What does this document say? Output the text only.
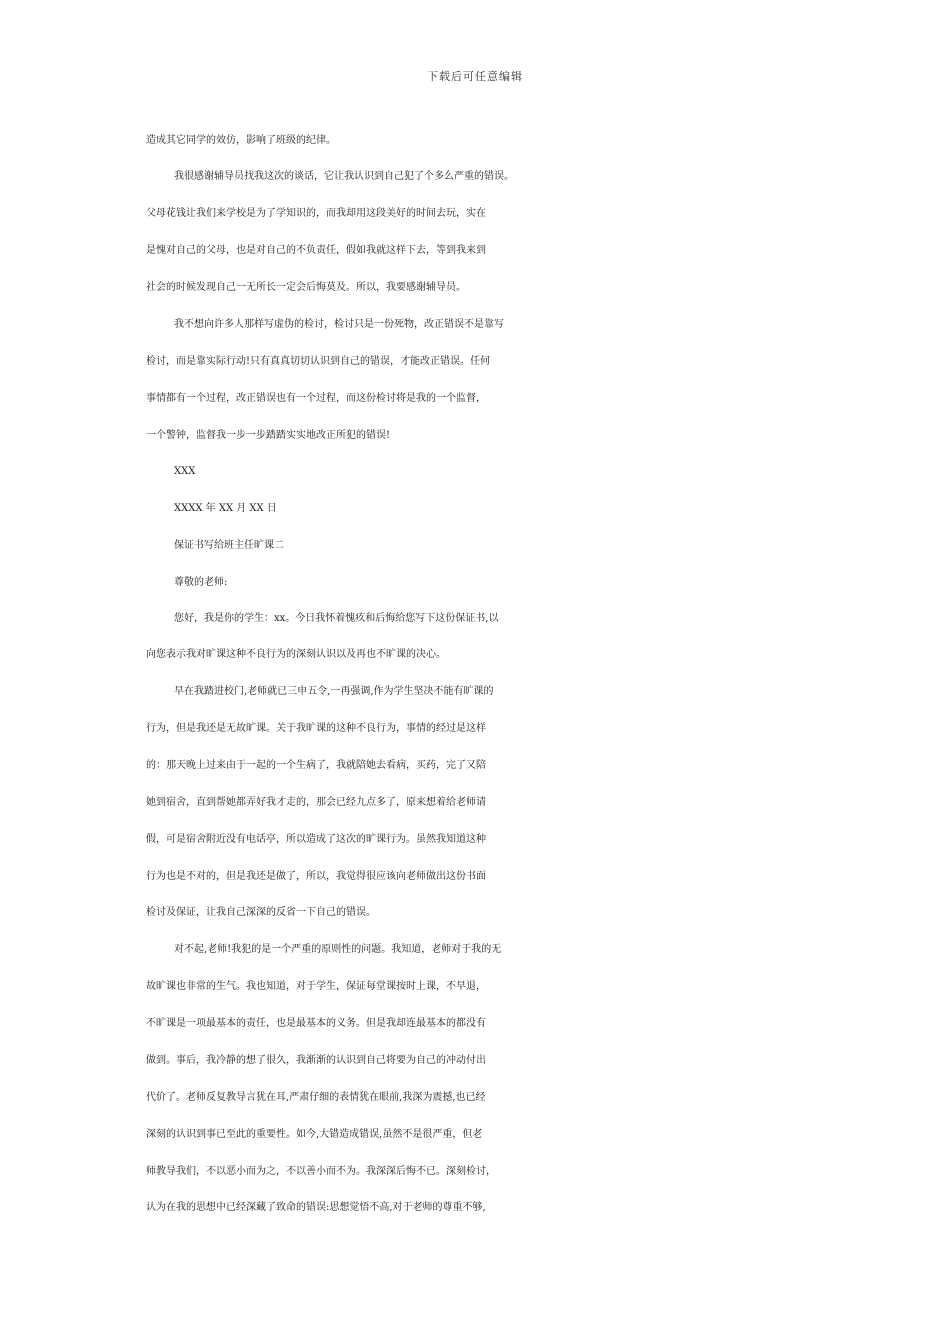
下载后可任意编辑
造成其它同学的效仿，影响了班级的纪律。
我很感谢辅导员找我这次的谈话，它让我认识到自己犯了个多么严重的错误。
父母花钱让我们来学校是为了学知识的，而我却用这段美好的时间去玩，实在
是愧对自己的父母，也是对自己的不负责任，假如我就这样下去，等到我来到
社会的时候发现自己一无所长一定会后悔莫及。所以，我要感谢辅导员。
我不想向许多人那样写虚伪的检讨，检讨只是一份死物，改正错误不是靠写
检讨，而是靠实际行动!只有真真切切认识到自己的错误，才能改正错误。任何
事情都有一个过程，改正错误也有一个过程，而这份检讨将是我的一个监督，
一个警钟，监督我一步一步踏踏实实地改正所犯的错误!
XXX
XXXX 年 XX 月 XX 日
保证书写给班主任旷课二
尊敬的老师:
您好，我是你的学生：xx。今日我怀着愧疚和后悔给您写下这份保证书,以
向您表示我对旷课这种不良行为的深刻认识以及再也不旷课的决心。
早在我踏进校门,老师就已三申五令,一再强调,作为学生坚决不能有旷课的
行为，但是我还是无故旷课。关于我旷课的这种不良行为，事情的经过是这样
的：那天晚上过来由于一起的一个生病了，我就陪她去看病，买药，完了又陪
她到宿舍，直到帮她都弄好我才走的，那会已经九点多了，原来想着给老师请
假，可是宿舍附近没有电话亭，所以造成了这次的旷课行为。虽然我知道这种
行为也是不对的，但是我还是做了，所以，我觉得很应该向老师做出这份书面
检讨及保证，让我自己深深的反省一下自己的错误。
对不起,老师!我犯的是一个严重的原则性的问题。我知道，老师对于我的无
故旷课也非常的生气。我也知道，对于学生，保证每堂课按时上课，不早退，
不旷课是一项最基本的责任，也是最基本的义务。但是我却连最基本的都没有
做到。事后，我冷静的想了很久，我渐渐的认识到自己将要为自己的冲动付出
代价了。老师反复教导言犹在耳,严肃仔细的表情犹在眼前,我深为震撼,也已经
深刻的认识到事已至此的重要性。如今,大错造成错误,虽然不是很严重，但老
师教导我们，不以恶小而为之，不以善小而不为。我深深后悔不已。深刻检讨，
认为在我的思想中已经深藏了致命的错误:思想觉悟不高,对于老师的尊重不够,
